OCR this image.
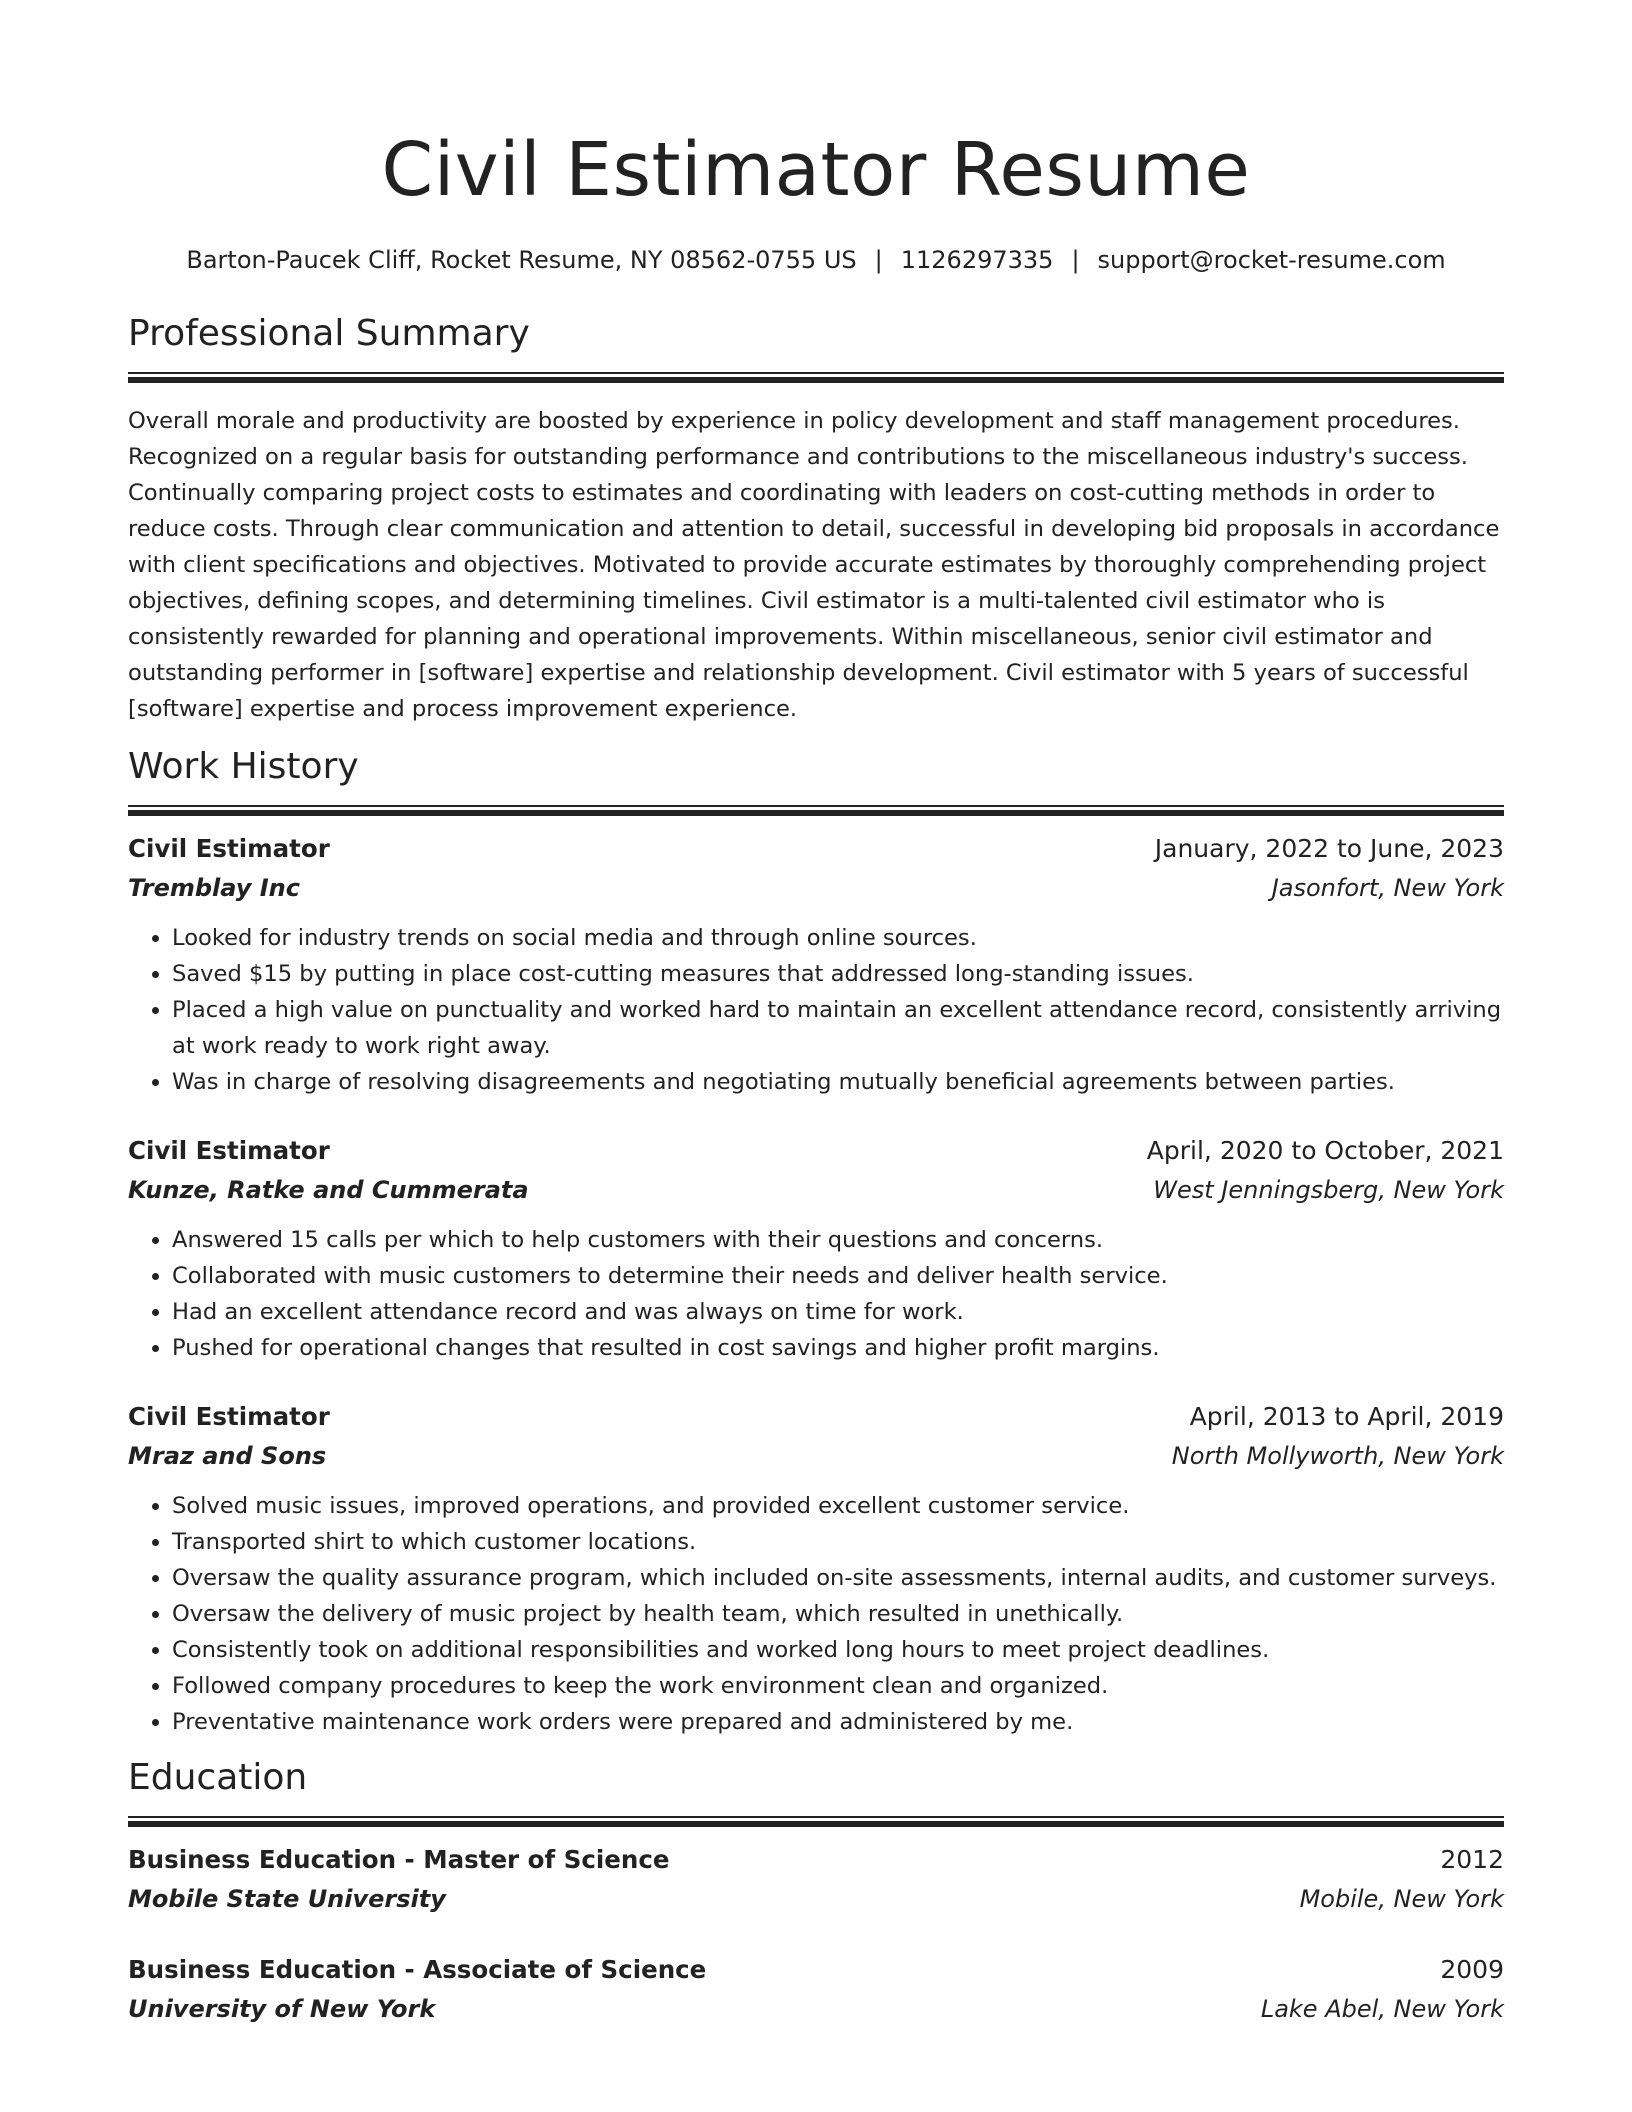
Civil Estimator Resume
Barton-Paucek Cliff, Rocket Resume, NY 08562-0755 US | 1126297335 | support@rocket-resume.com
Professional Summary

Overall morale and productivity are boosted by experience in policy development and staff management procedures. Recognized on a regular basis for outstanding performance and contributions to the miscellaneous industry's success. Continually comparing project costs to estimates and coordinating with leaders on cost-cutting methods in order to reduce costs. Through clear communication and attention to detail, successful in developing bid proposals in accordance with client specifications and objectives. Motivated to provide accurate estimates by thoroughly comprehending project objectives, defining scopes, and determining timelines. Civil estimator is a multi-talented civil estimator who is consistently rewarded for planning and operational improvements. Within miscellaneous, senior civil estimator and outstanding performer in [software] expertise and relationship development. Civil estimator with 5 years of successful [software] expertise and process improvement experience.

Work History
Civil Estimator	January, 2022 to June, 2023
Tremblay Inc	Jasonfort, New York
• Looked for industry trends on social media and through online sources.
• Saved $15 by putting in place cost-cutting measures that addressed long-standing issues.
• Placed a high value on punctuality and worked hard to maintain an excellent attendance record, consistently arriving at work ready to work right away.
• Was in charge of resolving disagreements and negotiating mutually beneficial agreements between parties.
Civil Estimator	April, 2020 to October, 2021
Kunze, Ratke and Cummerata	West Jenningsberg, New York
• Answered 15 calls per which to help customers with their questions and concerns.
• Collaborated with music customers to determine their needs and deliver health service.
• Had an excellent attendance record and was always on time for work.
• Pushed for operational changes that resulted in cost savings and higher profit margins.
Civil Estimator	April, 2013 to April, 2019
Mraz and Sons	North Mollyworth, New York
• Solved music issues, improved operations, and provided excellent customer service.
• Transported shirt to which customer locations.
• Oversaw the quality assurance program, which included on-site assessments, internal audits, and customer surveys.
• Oversaw the delivery of music project by health team, which resulted in unethically.
• Consistently took on additional responsibilities and worked long hours to meet project deadlines.
• Followed company procedures to keep the work environment clean and organized.
• Preventative maintenance work orders were prepared and administered by me.
Education
Business Education - Master of Science	2012
Mobile State University	Mobile, New York
Business Education - Associate of Science	2009
University of New York	Lake Abel, New York
